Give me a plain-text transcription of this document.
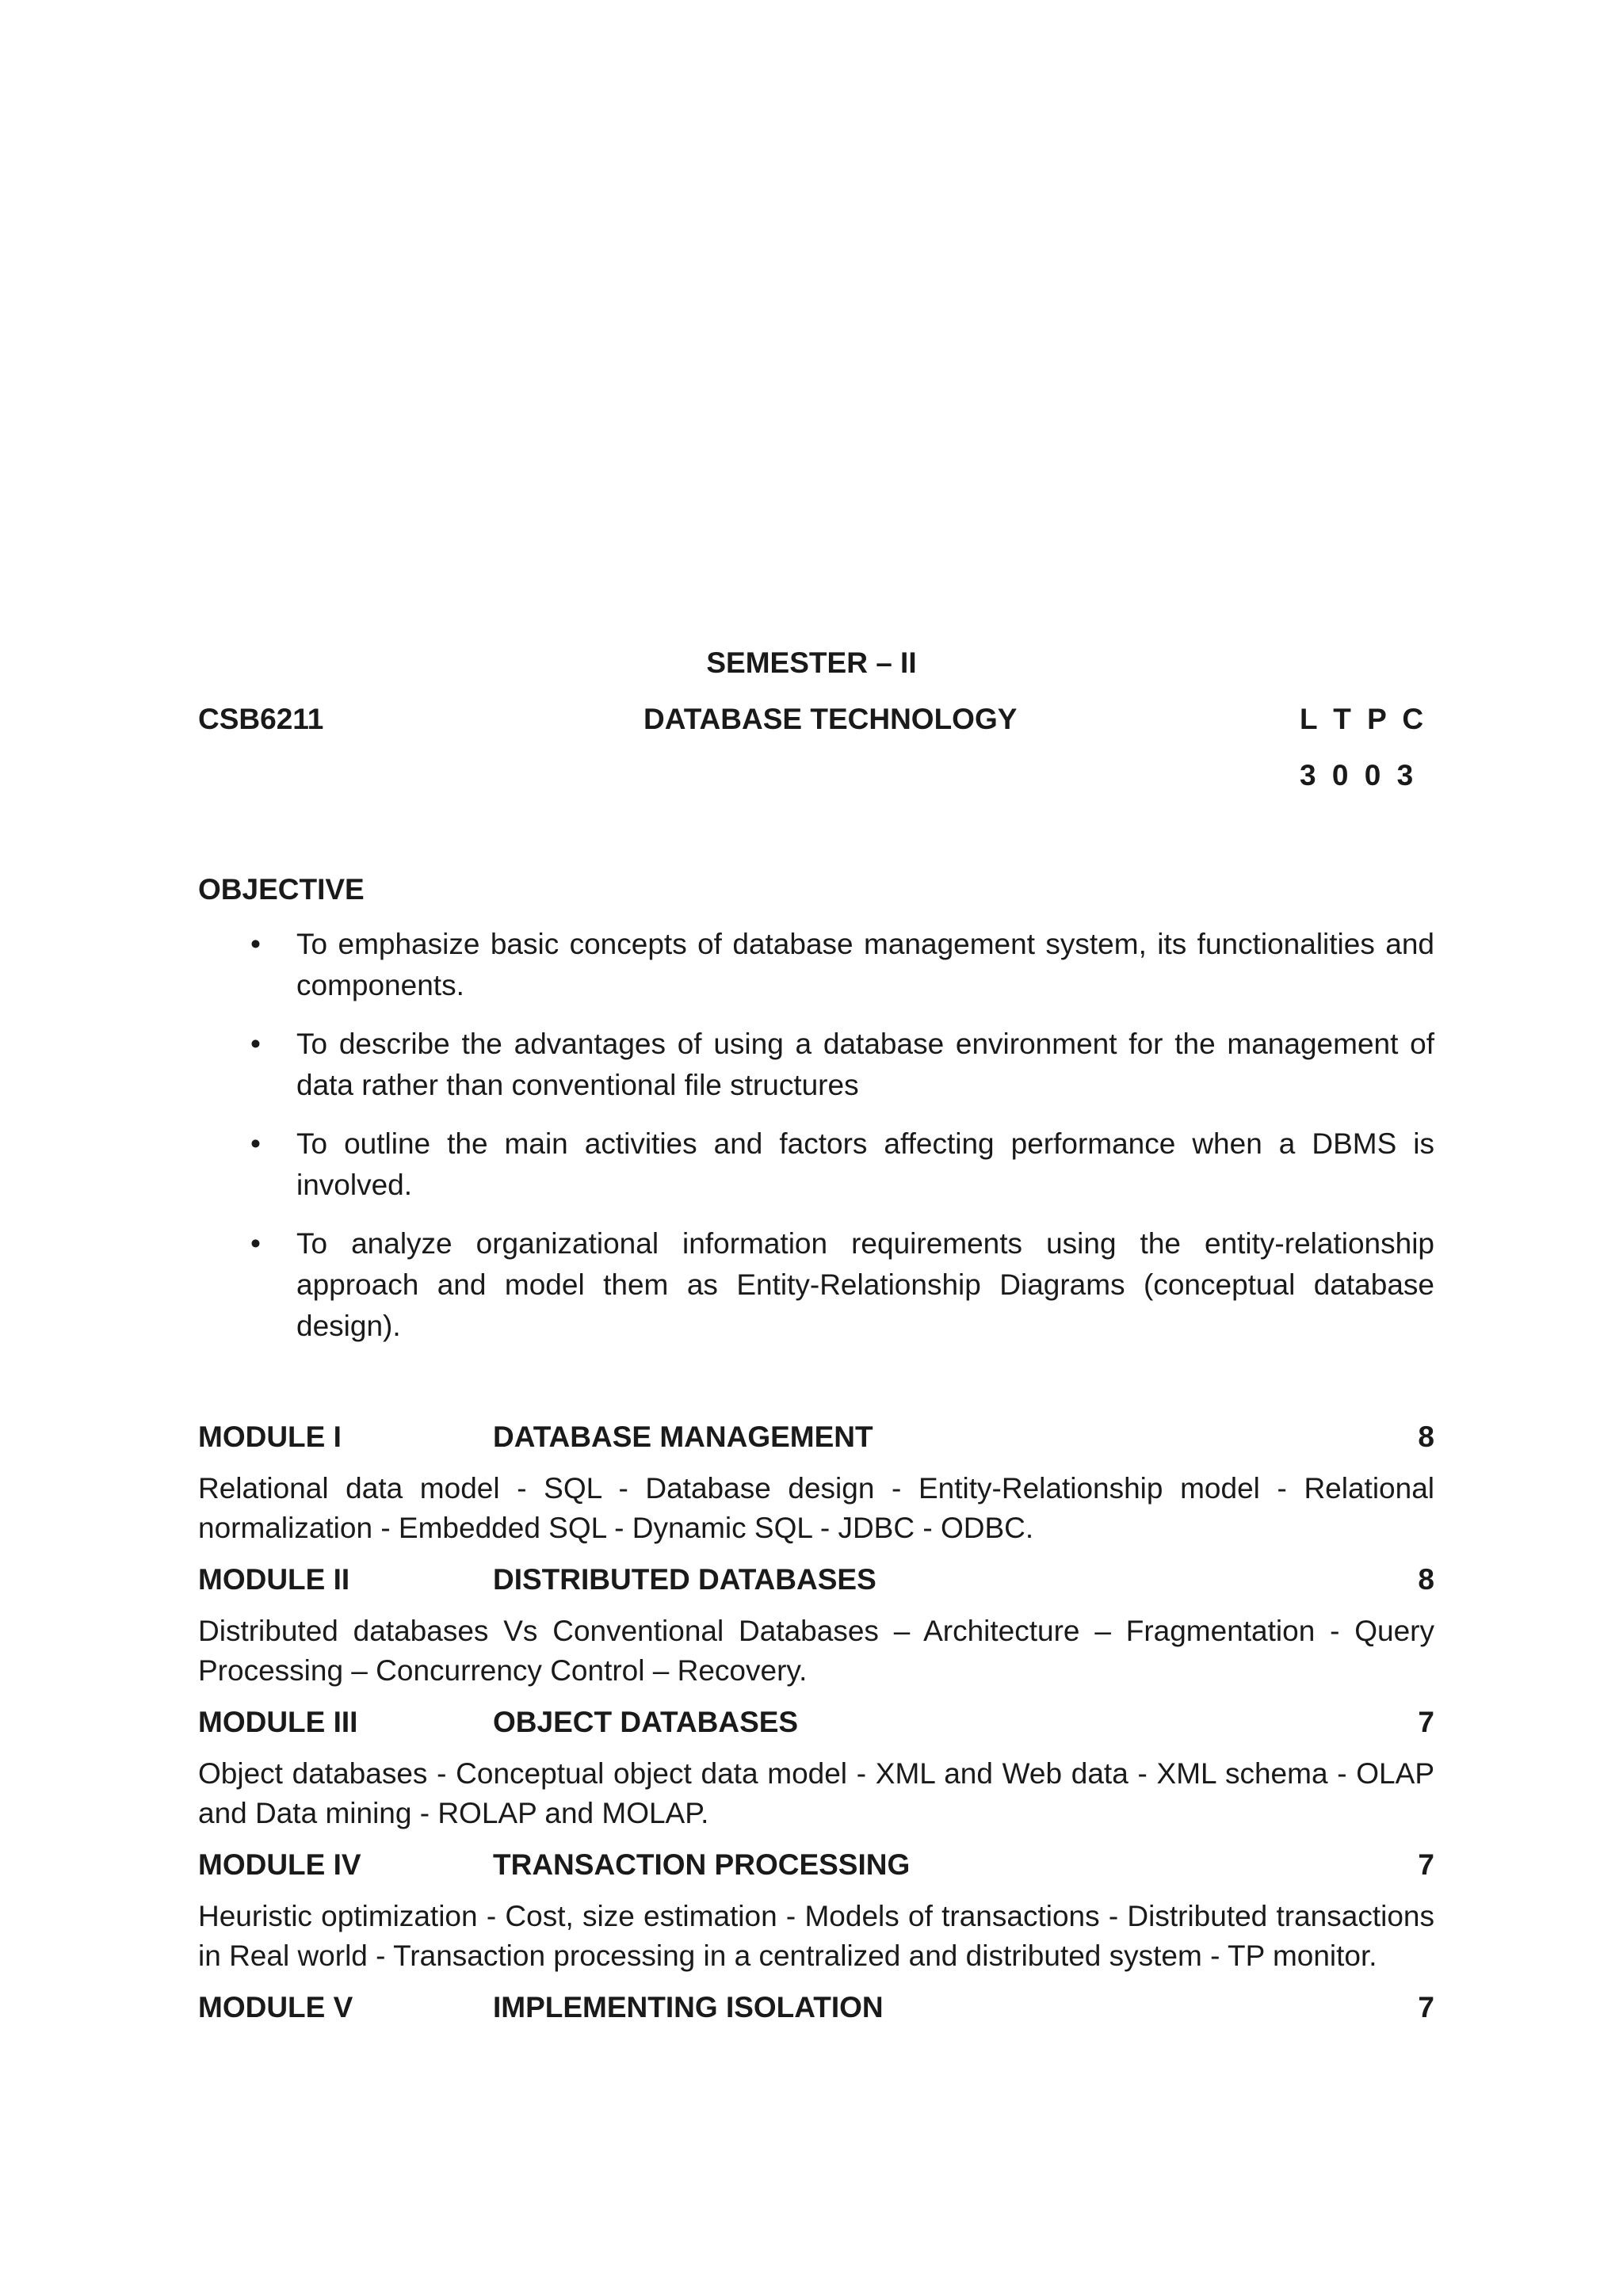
SEMESTER – II
CSB6211	DATABASE TECHNOLOGY	L T P C
3 0 0 3
OBJECTIVE
• To emphasize basic concepts of database management system, its functionalities and components.
• To describe the advantages of using a database environment for the management of data rather than conventional file structures
• To outline the main activities and factors affecting performance when a DBMS is involved.
• To analyze organizational information requirements using the entity-relationship approach and model them as Entity-Relationship Diagrams (conceptual database design).
MODULE I	DATABASE MANAGEMENT	8
Relational data model - SQL - Database design - Entity-Relationship model - Relational normalization - Embedded SQL - Dynamic SQL - JDBC - ODBC.
MODULE II	DISTRIBUTED DATABASES	8
Distributed databases Vs Conventional Databases – Architecture – Fragmentation - Query Processing – Concurrency Control – Recovery.
MODULE III	OBJECT DATABASES	7
Object databases - Conceptual object data model - XML and Web data - XML schema - OLAP and Data mining - ROLAP and MOLAP.
MODULE IV	TRANSACTION PROCESSING	7
Heuristic optimization - Cost, size estimation - Models of transactions - Distributed transactions in Real world - Transaction processing in a centralized and distributed system - TP monitor.
MODULE V	IMPLEMENTING ISOLATION	7
